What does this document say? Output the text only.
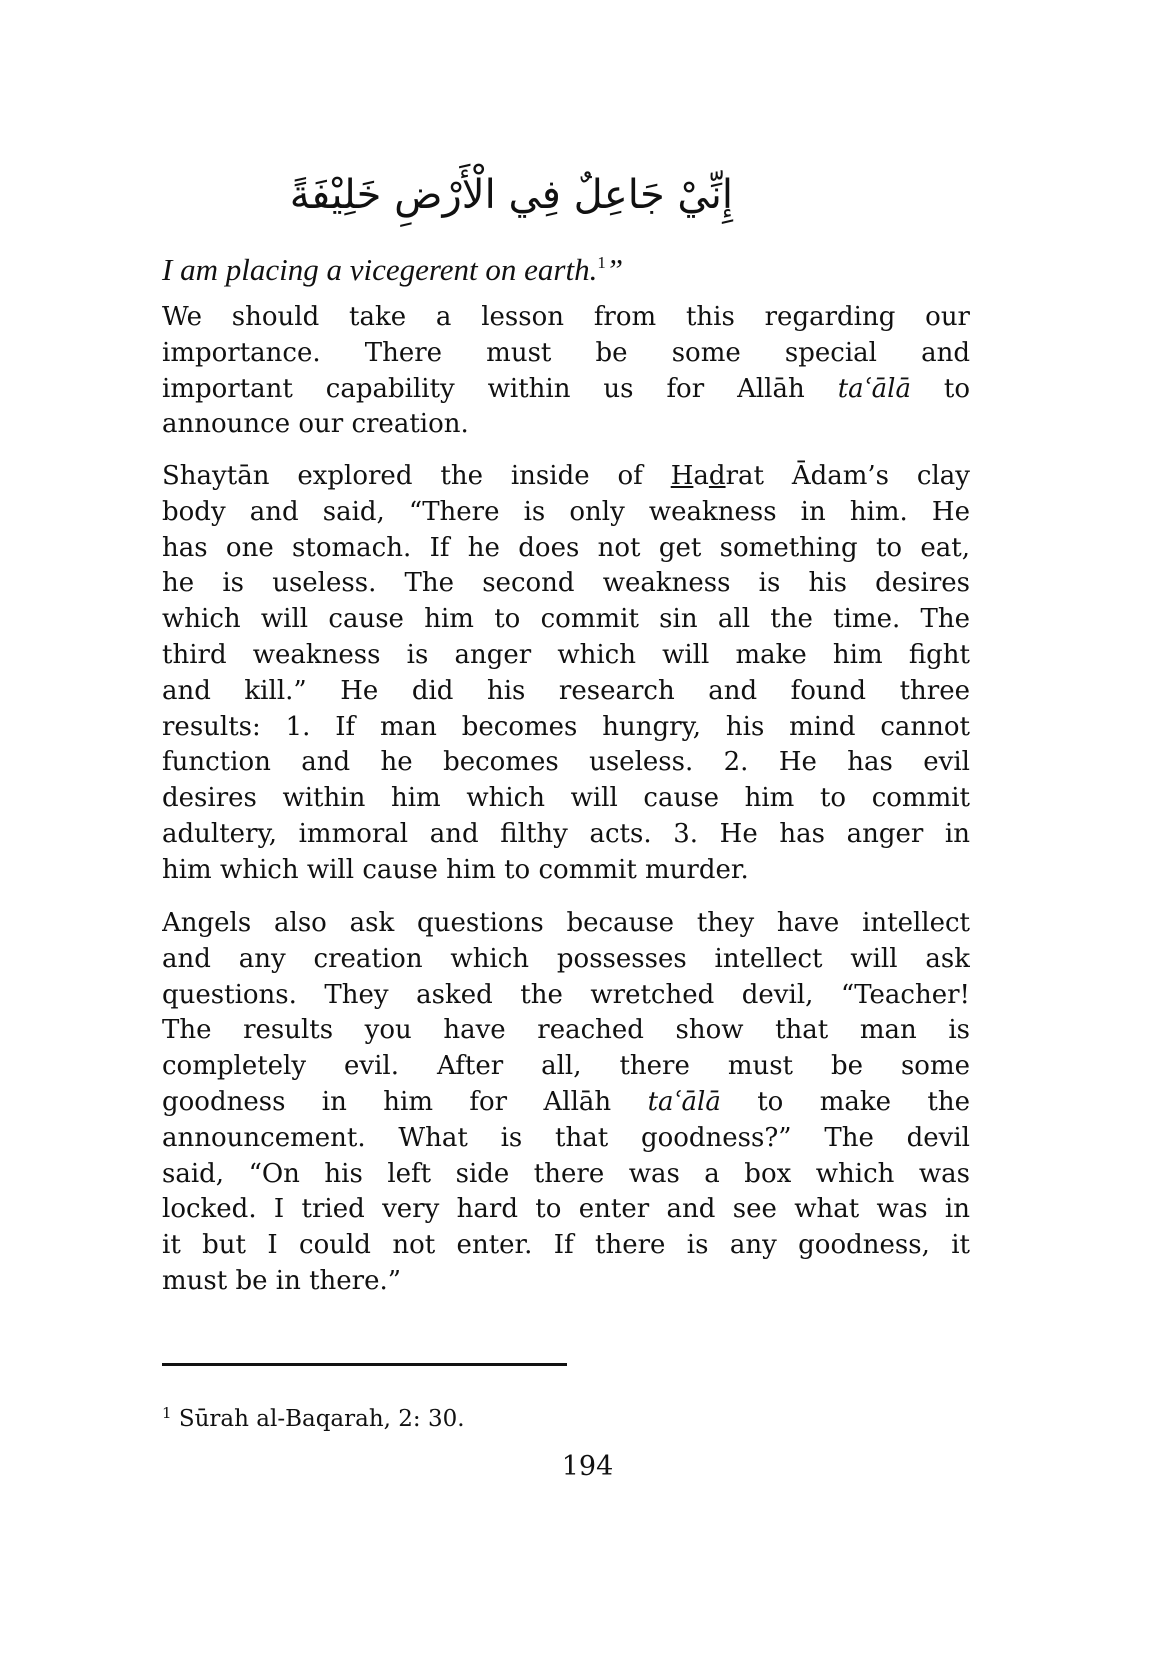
إِنِّيْ جَاعِلٌ فِي الْأَرْضِ خَلِيْفَةً
I am placing a vicegerent on earth.$^1$”
We should take a lesson from this regarding our
importance. There must be some special and
important capability within us for Allāh taʿālā to
announce our creation.
Shaytān explored the inside of Hadrat Ādam’s clay
body and said, “There is only weakness in him. He
has one stomach. If he does not get something to eat,
he is useless. The second weakness is his desires
which will cause him to commit sin all the time. The
third weakness is anger which will make him fight
and kill.” He did his research and found three
results: 1. If man becomes hungry, his mind cannot
function and he becomes useless. 2. He has evil
desires within him which will cause him to commit
adultery, immoral and filthy acts. 3. He has anger in
him which will cause him to commit murder.
Angels also ask questions because they have intellect
and any creation which possesses intellect will ask
questions. They asked the wretched devil, “Teacher!
The results you have reached show that man is
completely evil. After all, there must be some
goodness in him for Allāh taʿālā to make the
announcement. What is that goodness?” The devil
said, “On his left side there was a box which was
locked. I tried very hard to enter and see what was in
it but I could not enter. If there is any goodness, it
must be in there.”
$^1$ Sūrah al-Baqarah, 2: 30.
194
